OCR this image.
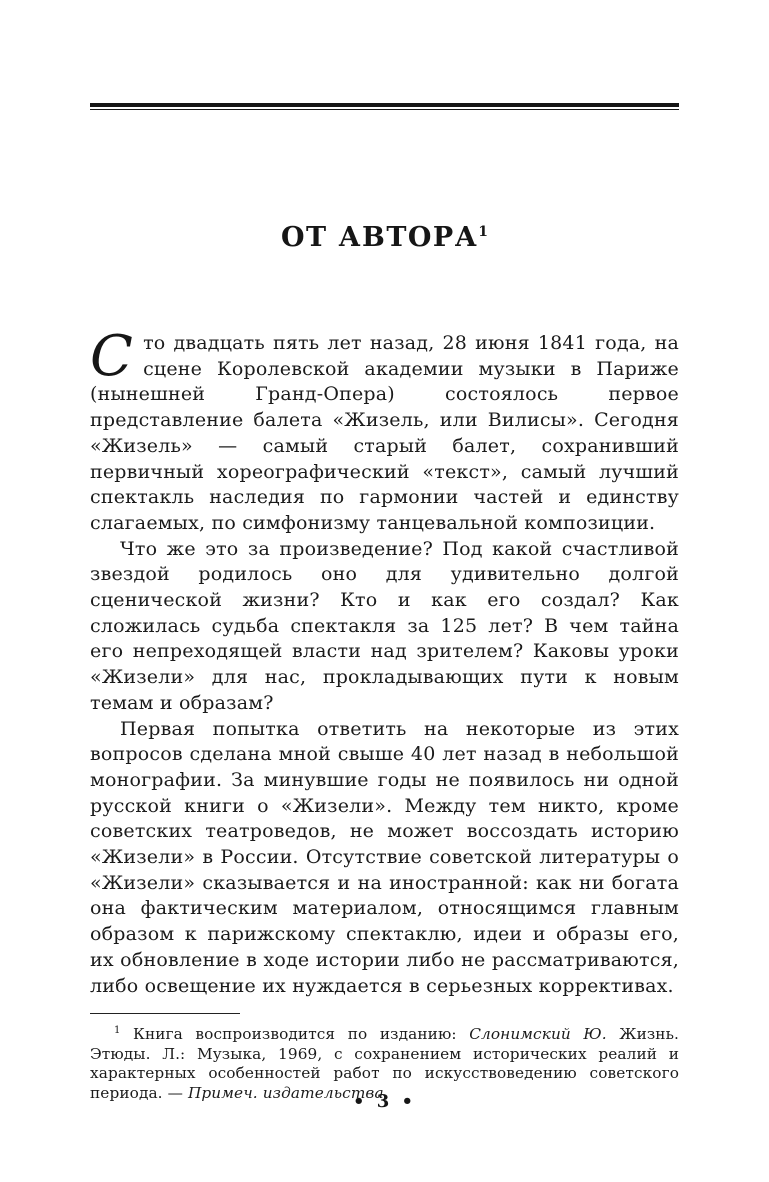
ОТ АВТОРА$^1$

Сто двадцать пять лет назад, 28 июня 1841 года, на сцене Королевской академии музыки в Париже (нынешней Гранд-Опера) состоялось первое представление балета «Жизель, или Вилисы». Сегодня «Жизель» — самый старый балет, сохранивший первичный хореографический «текст», самый лучший спектакль наследия по гармонии частей и единству слагаемых, по симфонизму танцевальной композиции.

Что же это за произведение? Под какой счастливой звездой родилось оно для удивительно долгой сценической жизни? Кто и как его создал? Как сложилась судьба спектакля за 125 лет? В чем тайна его непреходящей власти над зрителем? Каковы уроки «Жизели» для нас, прокладывающих пути к новым темам и образам?

Первая попытка ответить на некоторые из этих вопросов сделана мной свыше 40 лет назад в небольшой монографии. За минувшие годы не появилось ни одной русской книги о «Жизели». Между тем никто, кроме советских театроведов, не может воссоздать историю «Жизели» в России. Отсутствие советской литературы о «Жизели» сказывается и на иностранной: как ни богата она фактическим материалом, относящимся главным образом к парижскому спектаклю, идеи и образы его, их обновление в ходе истории либо не рассматриваются, либо освещение их нуждается в серьезных коррективах.

$^1$ Книга воспроизводится по изданию: Слонимский Ю. Жизнь. Этюды. Л.: Музыка, 1969, с сохранением исторических реалий и характерных особенностей работ по искусствоведению советского периода. — Примеч. издательства.

• 3 •
